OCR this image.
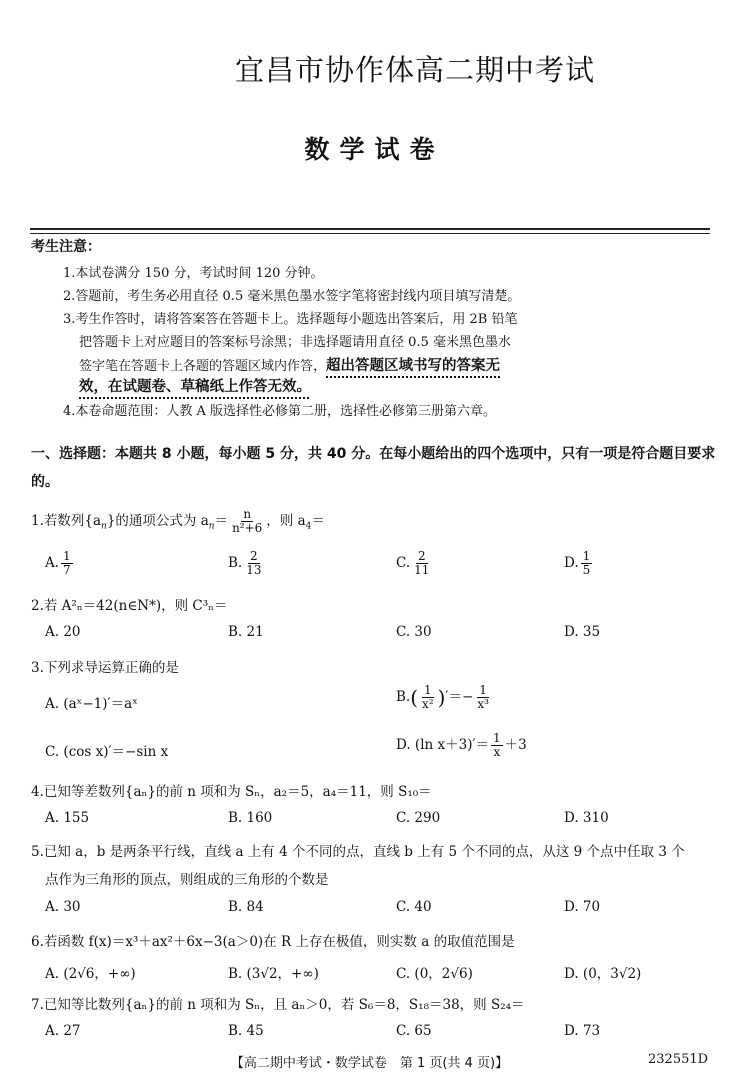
宜昌市协作体高二期中考试
数学试卷
考生注意：
1.本试卷满分 150 分，考试时间 120 分钟。
2.答题前，考生务必用直径 0.5 毫米黑色墨水签字笔将密封线内项目填写清楚。
3.考生作答时，请将答案答在答题卡上。选择题每小题选出答案后，用 2B 铅笔
把答题卡上对应题目的答案标号涂黑；非选择题请用直径 0.5 毫米黑色墨水
签字笔在答题卡上各题的答题区域内作答，超出答题区域书写的答案无
效，在试题卷、草稿纸上作答无效。
4.本卷命题范围：人教 A 版选择性必修第二册，选择性必修第三册第六章。
一、选择题：本题共 8 小题，每小题 5 分，共 40 分。在每小题给出的四个选项中，只有一项是符合题目要求的。
1.若数列$\{a_n\}$的通项公式为 $a_n= \frac{n}{\text{n²+6}}$ ，则 $a_4=$
A. $\frac{1}{7}$	B. $\frac{2}{13}$	C. $\frac{2}{11}$	D. $\frac{1}{5}$
2.若 A²ₙ＝42(n∈N*)，则 C³ₙ＝
A. 20	B. 21	C. 30	D. 35
3.下列求导运算正确的是
A. (aˣ−1)′＝aˣ	$B.( \frac{1}{\text{x²}}$ )′＝− $\frac{1}{\text{x³}}$
C. (cos x)′＝−sin x	D. (ln $x+3)'= \frac{1}{x} +3$
4.已知等差数列{aₙ}的前 n 项和为 Sₙ，a₂＝5，a₄＝11，则 S₁₀＝
A. 155	B. 160	C. 290	D. 310
5.已知 a，b 是两条平行线，直线 a 上有 4 个不同的点，直线 b 上有 5 个不同的点，从这 9 个点中任取 3 个
点作为三角形的顶点，则组成的三角形的个数是
A. 30	B. 84	C. 40	D. 70
6.若函数 f(x)＝x³＋ax²＋6x−3(a＞0)在 R 上存在极值，则实数 a 的取值范围是
A. (2√6，+∞)	B. (3√2，+∞)	C. (0，2√6)	D. (0，3√2)
7.已知等比数列{aₙ}的前 n 项和为 Sₙ，且 aₙ＞0，若 S₆＝8，S₁₈＝38，则 S₂₄＝
A. 27	B. 45	C. 65	D. 73
【高二期中考试・数学试卷　第 1 页(共 4 页)】	232551D
